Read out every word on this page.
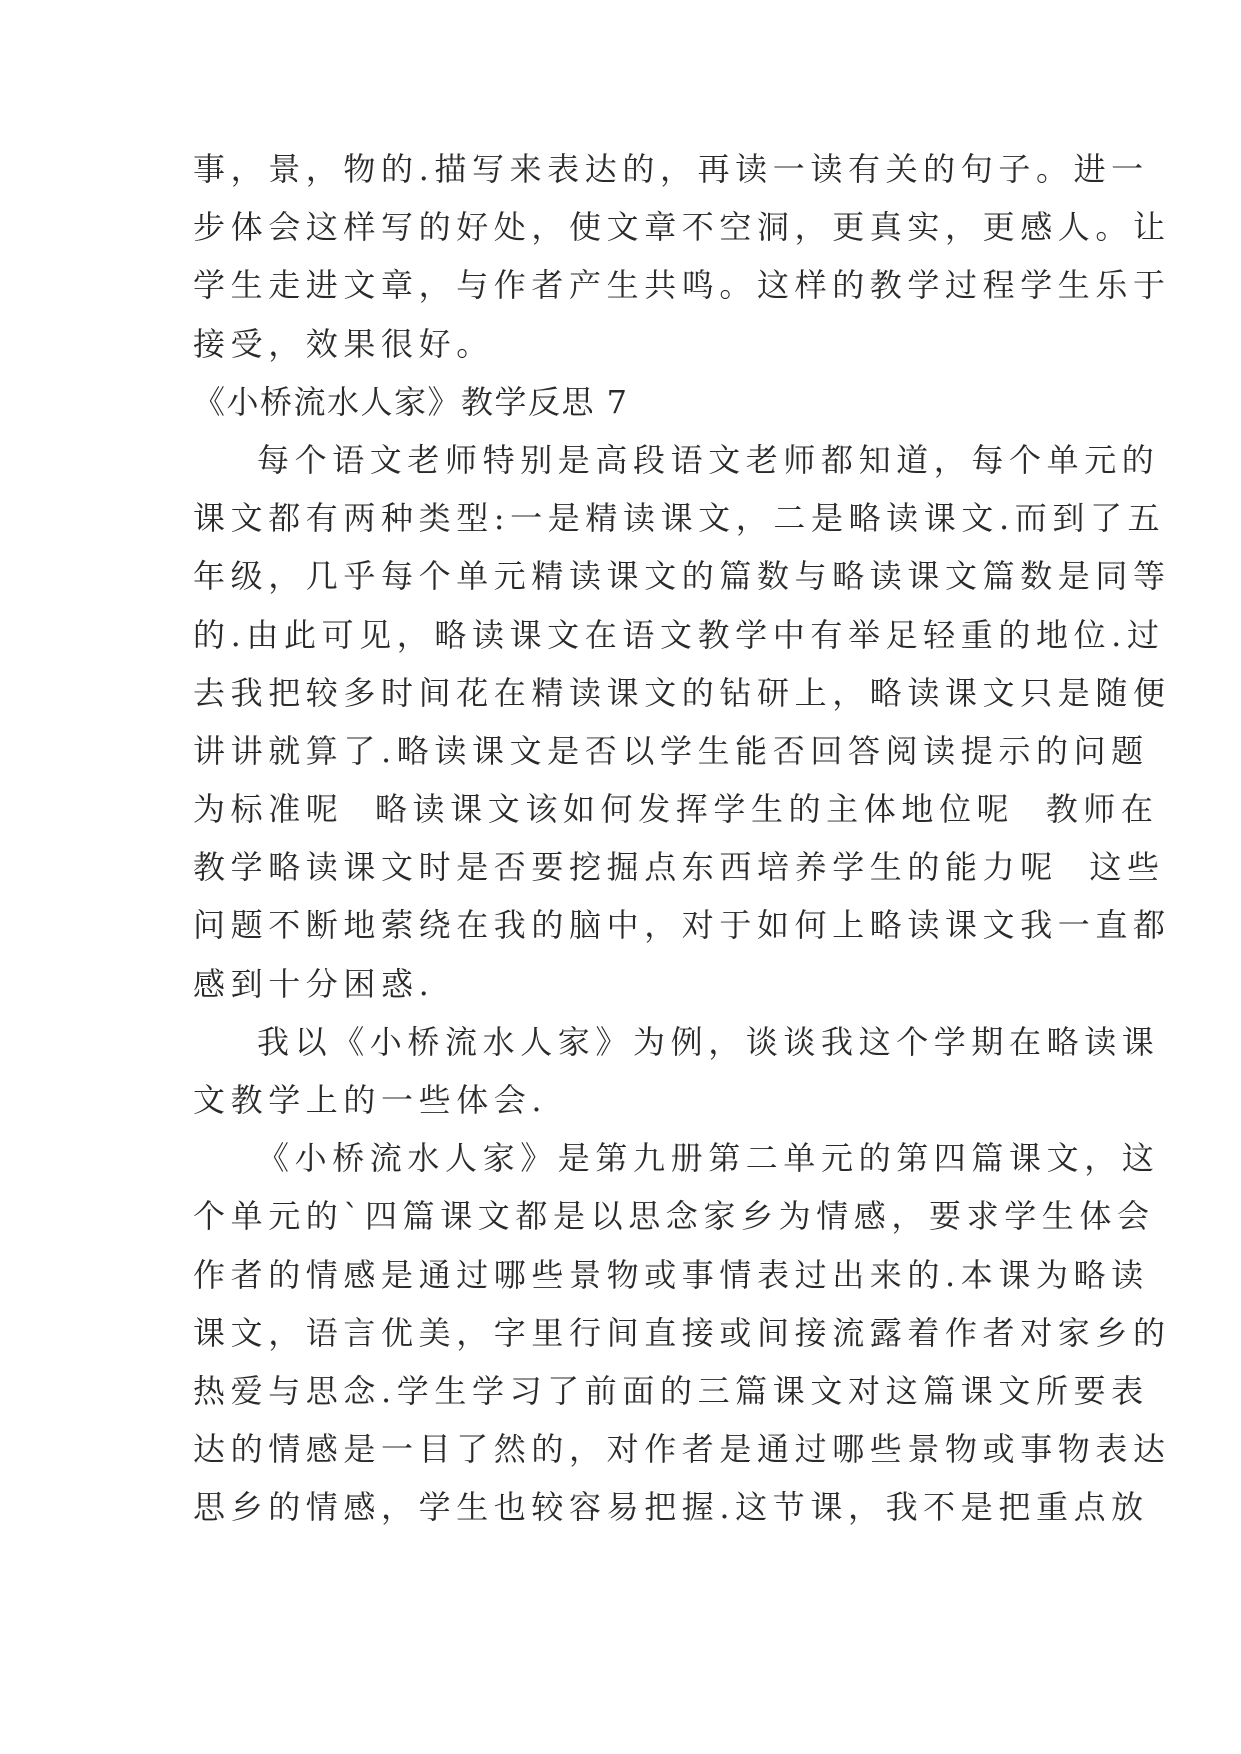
事，景，物的.描写来表达的，再读一读有关的句子。进一
步体会这样写的好处，使文章不空洞，更真实，更感人。让
学生走进文章，与作者产生共鸣。这样的教学过程学生乐于
接受，效果很好。
《小桥流水人家》教学反思 7
每个语文老师特别是高段语文老师都知道，每个单元的
课文都有两种类型:一是精读课文，二是略读课文.而到了五
年级，几乎每个单元精读课文的篇数与略读课文篇数是同等
的.由此可见，略读课文在语文教学中有举足轻重的地位.过
去我把较多时间花在精读课文的钻研上，略读课文只是随便
讲讲就算了.略读课文是否以学生能否回答阅读提示的问题
为标准呢  略读课文该如何发挥学生的主体地位呢  教师在
教学略读课文时是否要挖掘点东西培养学生的能力呢  这些
问题不断地萦绕在我的脑中，对于如何上略读课文我一直都
感到十分困惑.
我以《小桥流水人家》为例，谈谈我这个学期在略读课
文教学上的一些体会.
《小桥流水人家》是第九册第二单元的第四篇课文，这
个单元的`四篇课文都是以思念家乡为情感，要求学生体会
作者的情感是通过哪些景物或事情表过出来的.本课为略读
课文，语言优美，字里行间直接或间接流露着作者对家乡的
热爱与思念.学生学习了前面的三篇课文对这篇课文所要表
达的情感是一目了然的，对作者是通过哪些景物或事物表达
思乡的情感，学生也较容易把握.这节课，我不是把重点放
